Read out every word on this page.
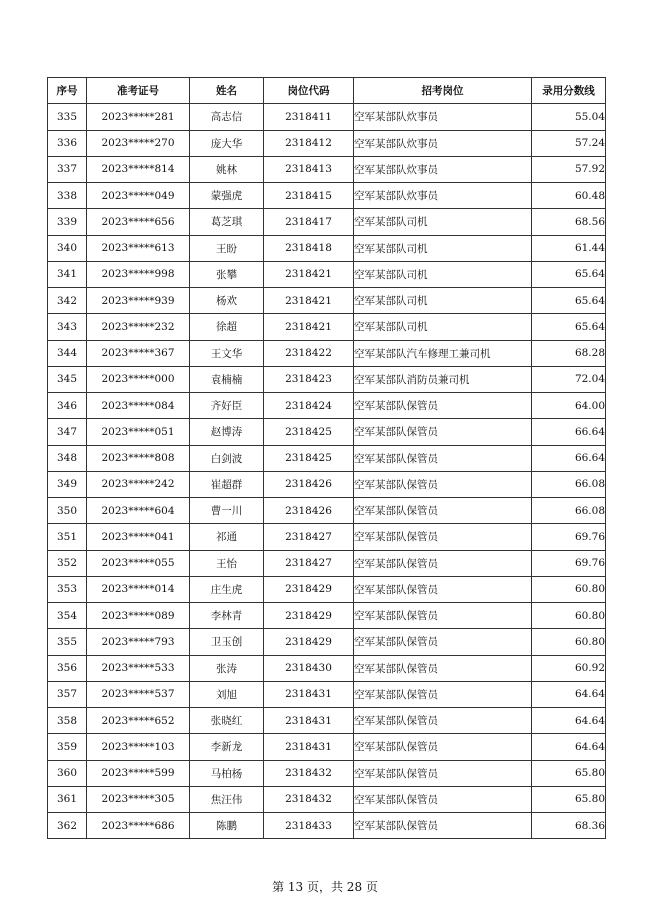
序号	准考证号	姓名	岗位代码	招考岗位	录用分数线
335	2023*****281	高志信	2318411	空军某部队炊事员	55.04
336	2023*****270	庞大华	2318412	空军某部队炊事员	57.24
337	2023*****814	姚林	2318413	空军某部队炊事员	57.92
338	2023*****049	蒙强虎	2318415	空军某部队炊事员	60.48
339	2023*****656	葛芝琪	2318417	空军某部队司机	68.56
340	2023*****613	王盼	2318418	空军某部队司机	61.44
341	2023*****998	张攀	2318421	空军某部队司机	65.64
342	2023*****939	杨欢	2318421	空军某部队司机	65.64
343	2023*****232	徐超	2318421	空军某部队司机	65.64
344	2023*****367	王文华	2318422	空军某部队汽车修理工兼司机	68.28
345	2023*****000	袁楠楠	2318423	空军某部队消防员兼司机	72.04
346	2023*****084	齐好臣	2318424	空军某部队保管员	64.00
347	2023*****051	赵博涛	2318425	空军某部队保管员	66.64
348	2023*****808	白剑波	2318425	空军某部队保管员	66.64
349	2023*****242	崔超群	2318426	空军某部队保管员	66.08
350	2023*****604	曹一川	2318426	空军某部队保管员	66.08
351	2023*****041	祁通	2318427	空军某部队保管员	69.76
352	2023*****055	王怡	2318427	空军某部队保管员	69.76
353	2023*****014	庄生虎	2318429	空军某部队保管员	60.80
354	2023*****089	李林青	2318429	空军某部队保管员	60.80
355	2023*****793	卫玉创	2318429	空军某部队保管员	60.80
356	2023*****533	张涛	2318430	空军某部队保管员	60.92
357	2023*****537	刘旭	2318431	空军某部队保管员	64.64
358	2023*****652	张晓红	2318431	空军某部队保管员	64.64
359	2023*****103	李新龙	2318431	空军某部队保管员	64.64
360	2023*****599	马柏杨	2318432	空军某部队保管员	65.80
361	2023*****305	焦汪伟	2318432	空军某部队保管员	65.80
362	2023*****686	陈鹏	2318433	空军某部队保管员	68.36
第 13 页，共 28 页
